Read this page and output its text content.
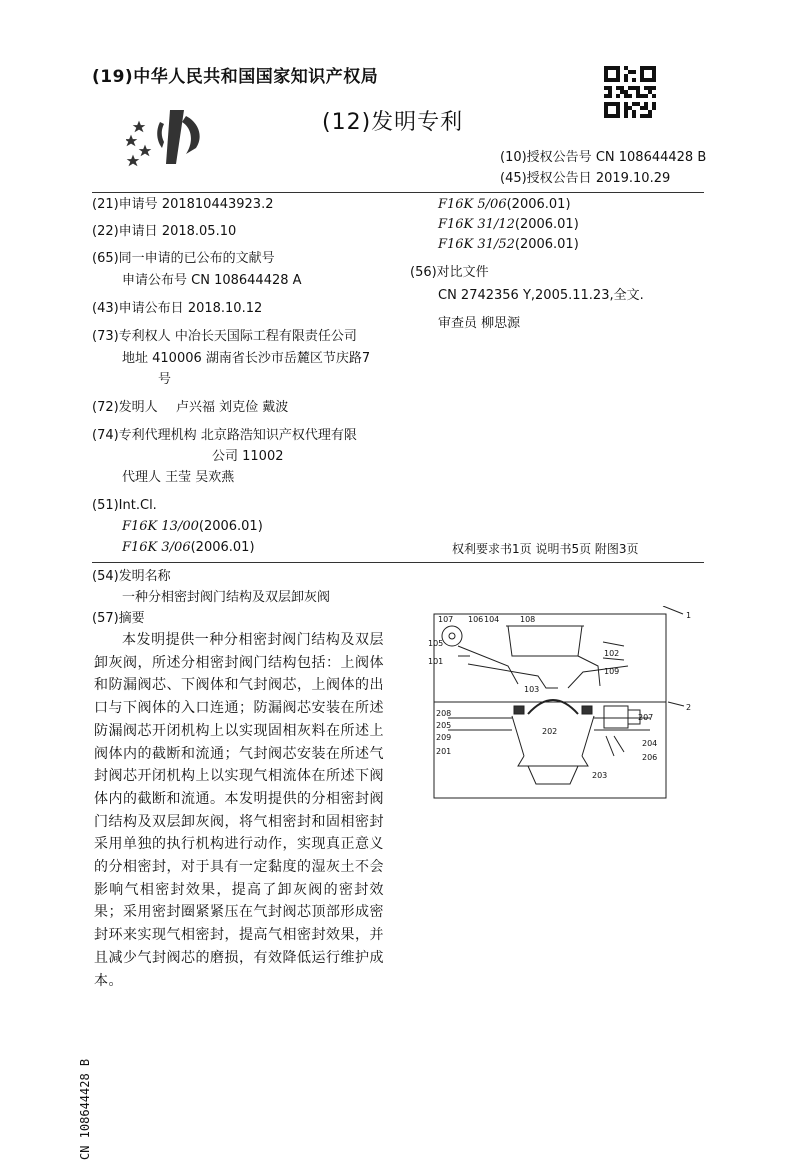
(19)中华人民共和国国家知识产权局
(12)发明专利
(10)授权公告号 CN 108644428 B
(45)授权公告日 2019.10.29
(21)申请号 201810443923.2
(22)申请日 2018.05.10
(65)同一申请的已公布的文献号
申请公布号 CN 108644428 A
(43)申请公布日 2018.10.12
(73)专利权人 中冶长天国际工程有限责任公司
地址 410006 湖南省长沙市岳麓区节庆路7
号
(72)发明人 卢兴福 刘克俭 戴波
(74)专利代理机构 北京路浩知识产权代理有限
公司 11002
代理人 王莹 吴欢燕
(51)Int.Cl.
F16K 13/00(2006.01)
F16K 3/06(2006.01)
F16K 5/06(2006.01)
F16K 31/12(2006.01)
F16K 31/52(2006.01)
(56)对比文件
CN 2742356 Y,2005.11.23,全文.
审查员 柳思源
权利要求书1页 说明书5页 附图3页
(54)发明名称
一种分相密封阀门结构及双层卸灰阀
(57)摘要
本发明提供一种分相密封阀门结构及双层卸灰阀，所述分相密封阀门结构包括：上阀体和防漏阀芯、下阀体和气封阀芯，上阀体的出口与下阀体的入口连通；防漏阀芯安装在所述防漏阀芯开闭机构上以实现固相灰料在所述上阀体内的截断和流通；气封阀芯安装在所述气封阀芯开闭机构上以实现气相流体在所述下阀体内的截断和流通。本发明提供的分相密封阀门结构及双层卸灰阀，将气相密封和固相密封采用单独的执行机构进行动作，实现真正意义的分相密封，对于具有一定黏度的湿灰土不会影响气相密封效果，提高了卸灰阀的密封效果；采用密封圈紧紧压在气封阀芯顶部形成密封环来实现气相密封，提高气相密封效果，并且减少气封阀芯的磨损，有效降低运行维护成本。
CN 108644428 B
107 106 104	108	1
105
101
102
103
109
208
205
209
201
202
207
2
204
206
203
